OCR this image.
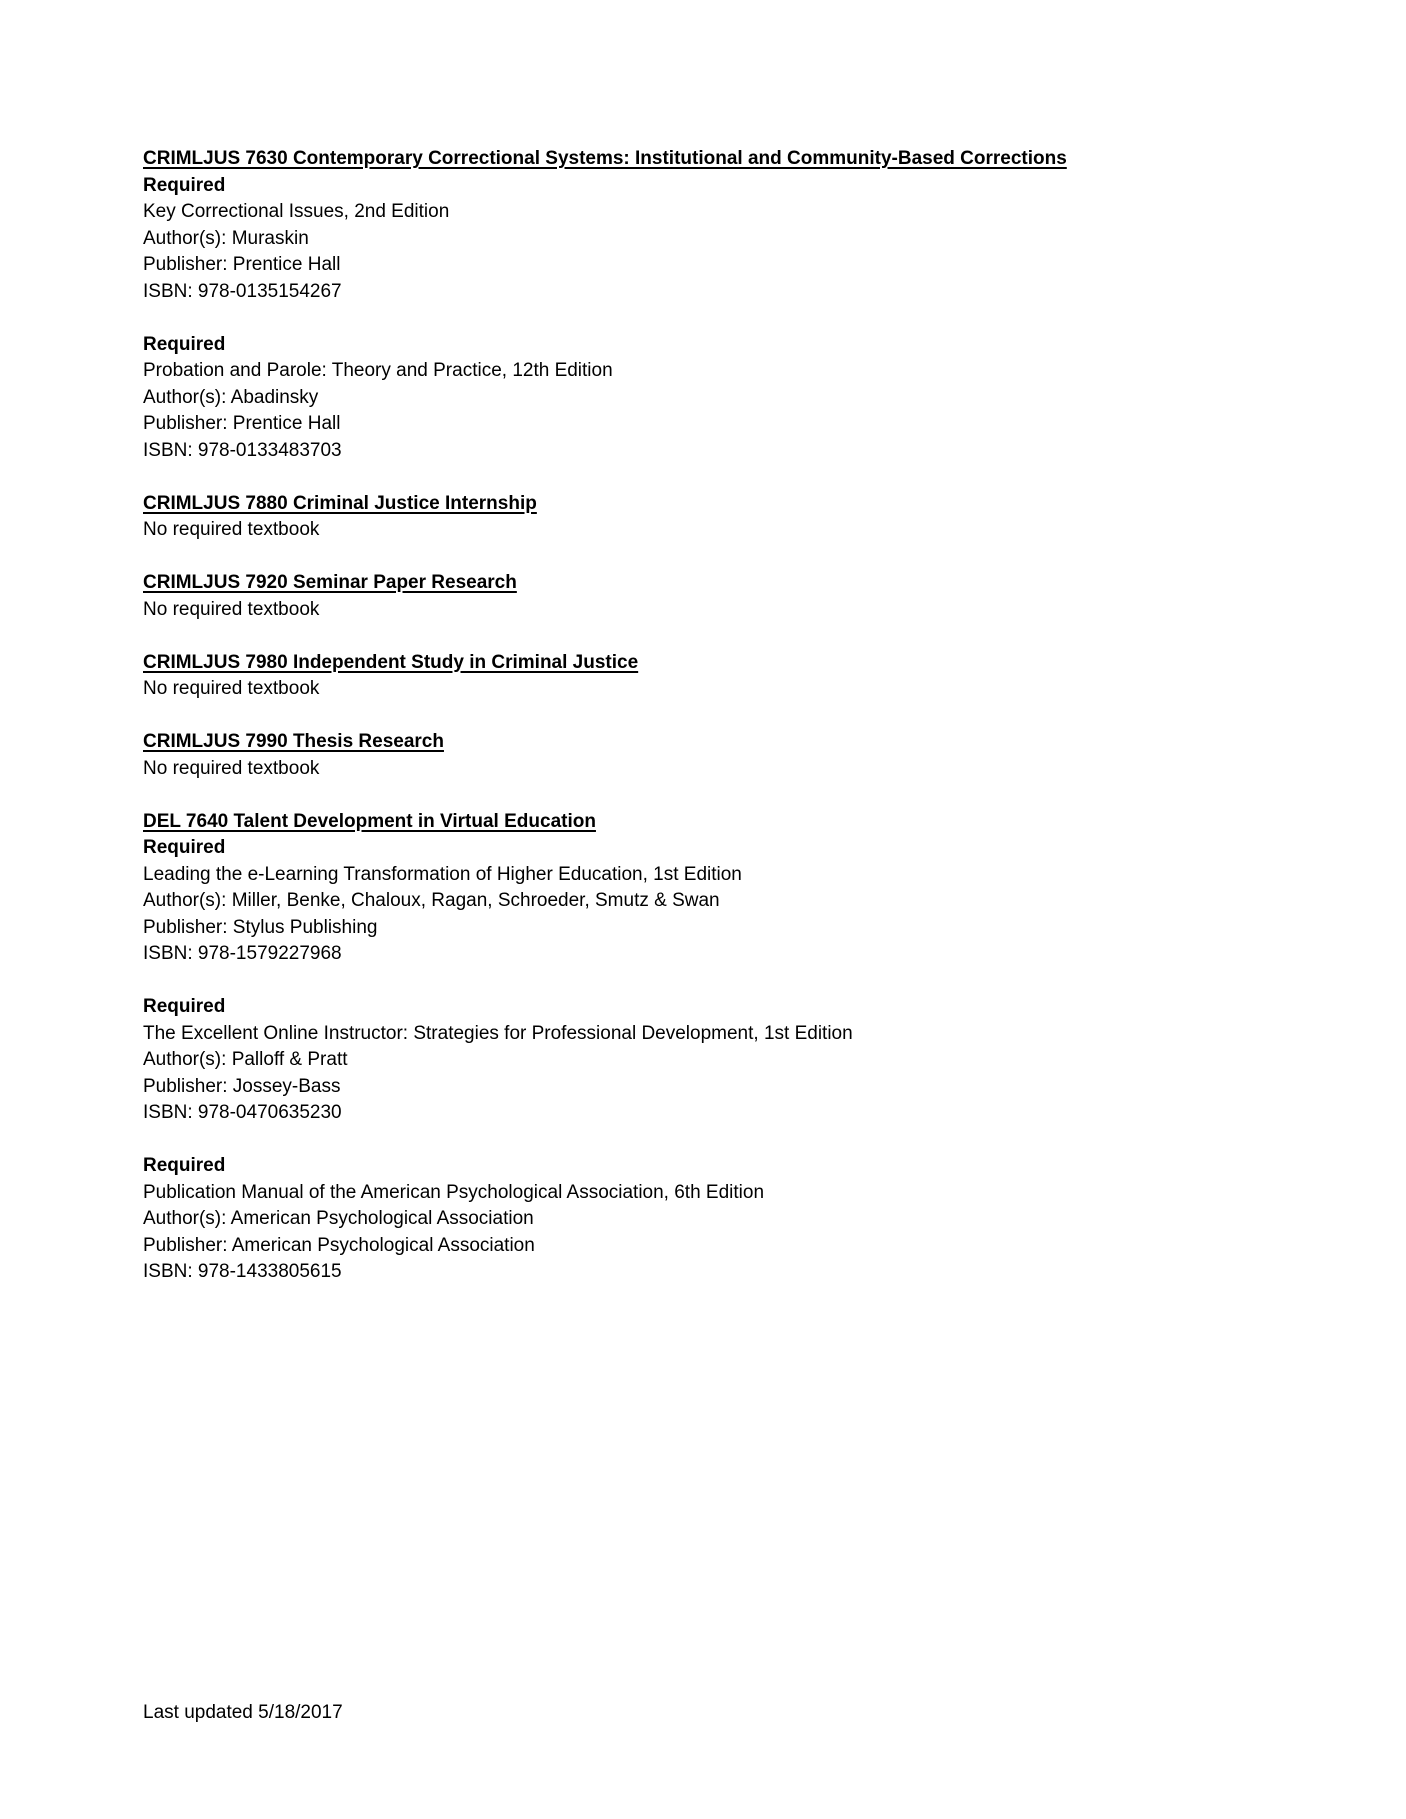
CRIMLJUS 7630 Contemporary Correctional Systems: Institutional and Community-Based Corrections

Required

Key Correctional Issues, 2nd Edition

Author(s): Muraskin

Publisher: Prentice Hall

ISBN: 978-0135154267

Required

Probation and Parole: Theory and Practice, 12th Edition

Author(s): Abadinsky

Publisher: Prentice Hall

ISBN: 978-0133483703

CRIMLJUS 7880 Criminal Justice Internship

No required textbook

CRIMLJUS 7920 Seminar Paper Research

No required textbook

CRIMLJUS 7980 Independent Study in Criminal Justice

No required textbook

CRIMLJUS 7990 Thesis Research

No required textbook

DEL 7640 Talent Development in Virtual Education

Required

Leading the e-Learning Transformation of Higher Education, 1st Edition

Author(s): Miller, Benke, Chaloux, Ragan, Schroeder, Smutz & Swan

Publisher: Stylus Publishing

ISBN: 978-1579227968

Required

The Excellent Online Instructor: Strategies for Professional Development, 1st Edition

Author(s): Palloff & Pratt

Publisher: Jossey-Bass

ISBN: 978-0470635230

Required

Publication Manual of the American Psychological Association, 6th Edition

Author(s): American Psychological Association

Publisher: American Psychological Association

ISBN: 978-1433805615

Last updated 5/18/2017
